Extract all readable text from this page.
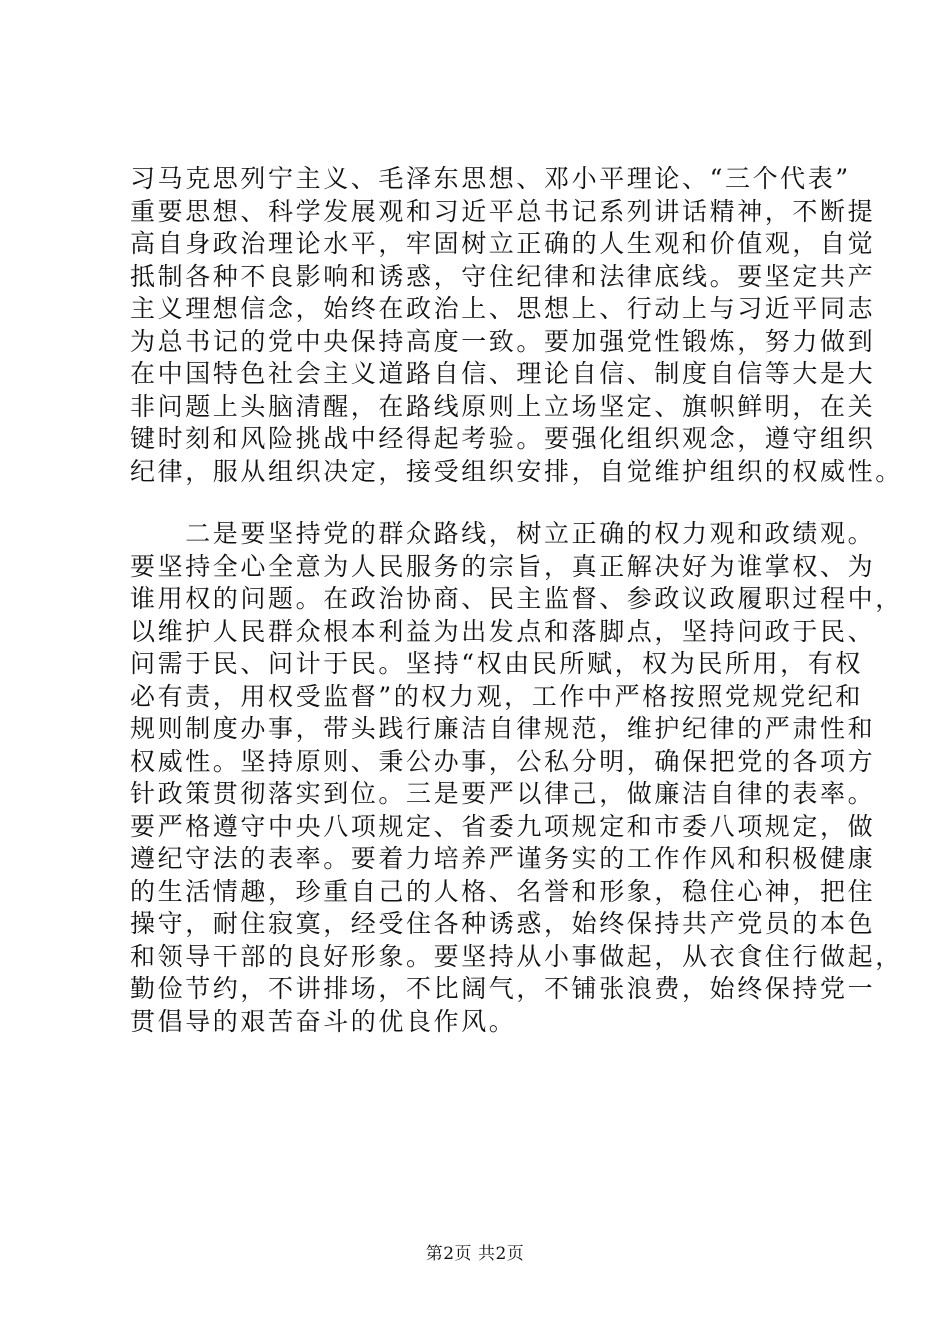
习马克思列宁主义、毛泽东思想、邓小平理论、“三个代表”
重要思想、科学发展观和习近平总书记系列讲话精神，不断提
高自身政治理论水平，牢固树立正确的人生观和价值观，自觉
抵制各种不良影响和诱惑，守住纪律和法律底线。要坚定共产
主义理想信念，始终在政治上、思想上、行动上与习近平同志
为总书记的党中央保持高度一致。要加强党性锻炼，努力做到
在中国特色社会主义道路自信、理论自信、制度自信等大是大
非问题上头脑清醒，在路线原则上立场坚定、旗帜鲜明，在关
键时刻和风险挑战中经得起考验。要强化组织观念，遵守组织
纪律，服从组织决定，接受组织安排，自觉维护组织的权威性。

　　二是要坚持党的群众路线，树立正确的权力观和政绩观。
要坚持全心全意为人民服务的宗旨，真正解决好为谁掌权、为
谁用权的问题。在政治协商、民主监督、参政议政履职过程中，
以维护人民群众根本利益为出发点和落脚点，坚持问政于民、
问需于民、问计于民。坚持“权由民所赋，权为民所用，有权
必有责，用权受监督”的权力观，工作中严格按照党规党纪和
规则制度办事，带头践行廉洁自律规范，维护纪律的严肃性和
权威性。坚持原则、秉公办事，公私分明，确保把党的各项方
针政策贯彻落实到位。三是要严以律己，做廉洁自律的表率。
要严格遵守中央八项规定、省委九项规定和市委八项规定，做
遵纪守法的表率。要着力培养严谨务实的工作作风和积极健康
的生活情趣，珍重自己的人格、名誉和形象，稳住心神，把住
操守，耐住寂寞，经受住各种诱惑，始终保持共产党员的本色
和领导干部的良好形象。要坚持从小事做起，从衣食住行做起，
勤俭节约，不讲排场，不比阔气，不铺张浪费，始终保持党一
贯倡导的艰苦奋斗的优良作风。

第2页 共2页
